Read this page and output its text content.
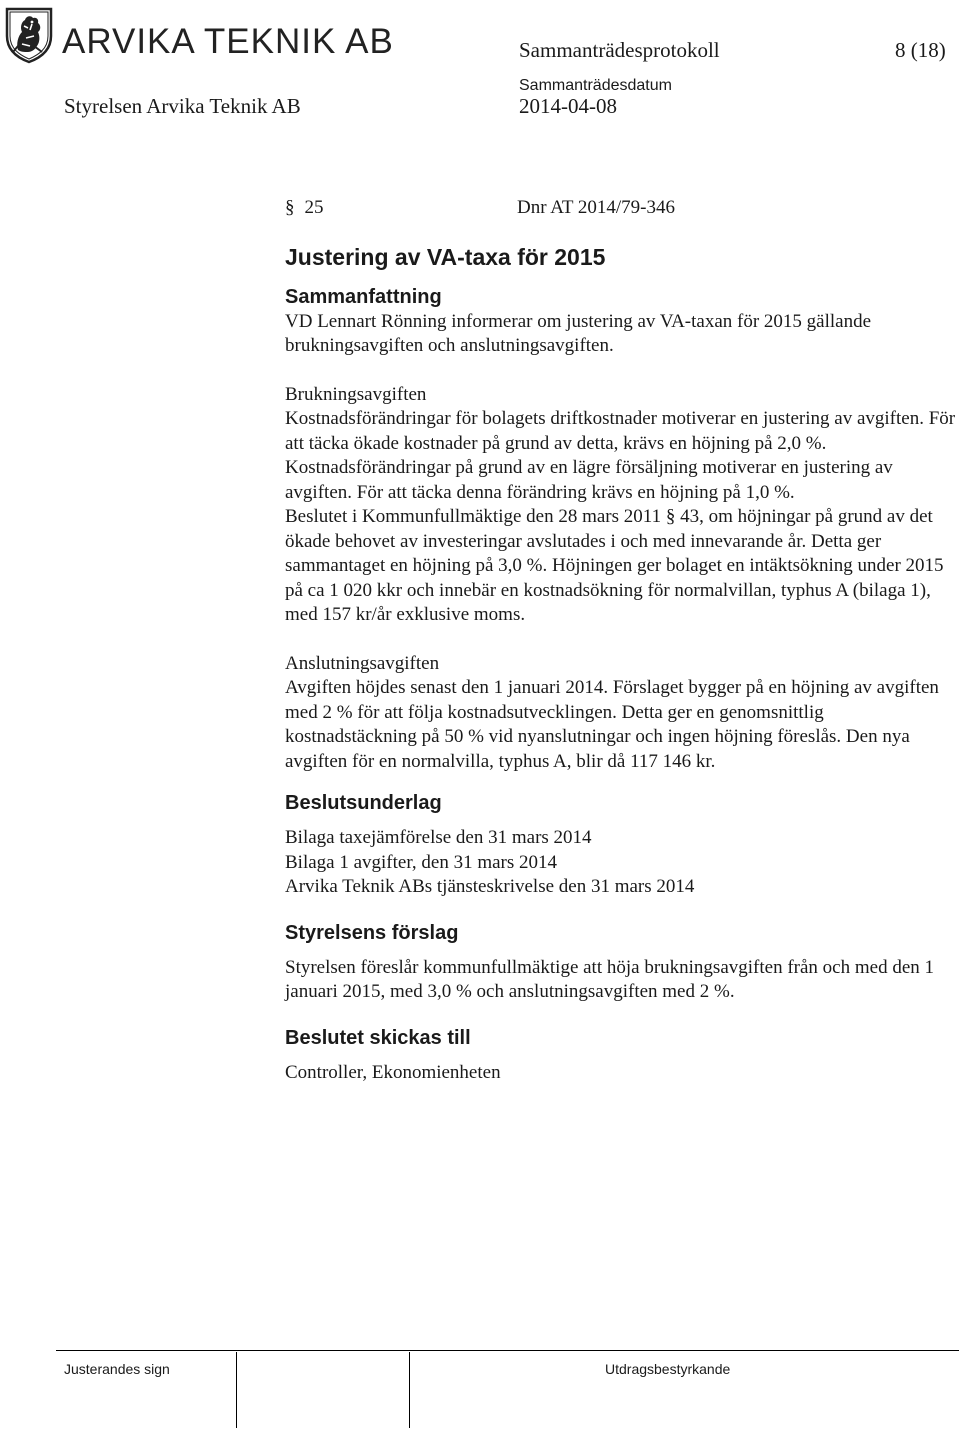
ARVIKA TEKNIK AB	Sammanträdesprotokoll	8 (18)
Styrelsen Arvika Teknik AB
Sammanträdesdatum
2014-04-08
§ 25	Dnr AT 2014/79-346
Justering av VA-taxa för 2015
Sammanfattning

VD Lennart Rönning informerar om justering av VA-taxan för 2015 gällande brukningsavgiften och anslutningsavgiften.

Brukningsavgiften

Kostnadsförändringar för bolagets driftkostnader motiverar en justering av avgiften. För att täcka ökade kostnader på grund av detta, krävs en höjning på 2,0 %. Kostnadsförändringar på grund av en lägre försäljning motiverar en justering av avgiften. För att täcka denna förändring krävs en höjning på 1,0 %.

Beslutet i Kommunfullmäktige den 28 mars 2011 § 43, om höjningar på grund av det ökade behovet av investeringar avslutades i och med innevarande år. Detta ger sammantaget en höjning på 3,0 %. Höjningen ger bolaget en intäktsökning under 2015 på ca 1 020 kkr och innebär en kostnadsökning för normalvillan, typhus A (bilaga 1), med 157 kr/år exklusive moms.

Anslutningsavgiften

Avgiften höjdes senast den 1 januari 2014. Förslaget bygger på en höjning av avgiften med 2 % för att följa kostnadsutvecklingen. Detta ger en genomsnittlig kostnadstäckning på 50 % vid nyanslutningar och ingen höjning föreslås. Den nya avgiften för en normalvilla, typhus A, blir då 117 146 kr.

Beslutsunderlag
Bilaga taxejämförelse den 31 mars 2014
Bilaga 1 avgifter, den 31 mars 2014
Arvika Teknik ABs tjänsteskrivelse den 31 mars 2014
Styrelsens förslag

Styrelsen föreslår kommunfullmäktige att höja brukningsavgiften från och med den 1 januari 2015, med 3,0 % och anslutningsavgiften med 2 %.

Beslutet skickas till

Controller, Ekonomienheten

Justerandes sign	Utdragsbestyrkande
